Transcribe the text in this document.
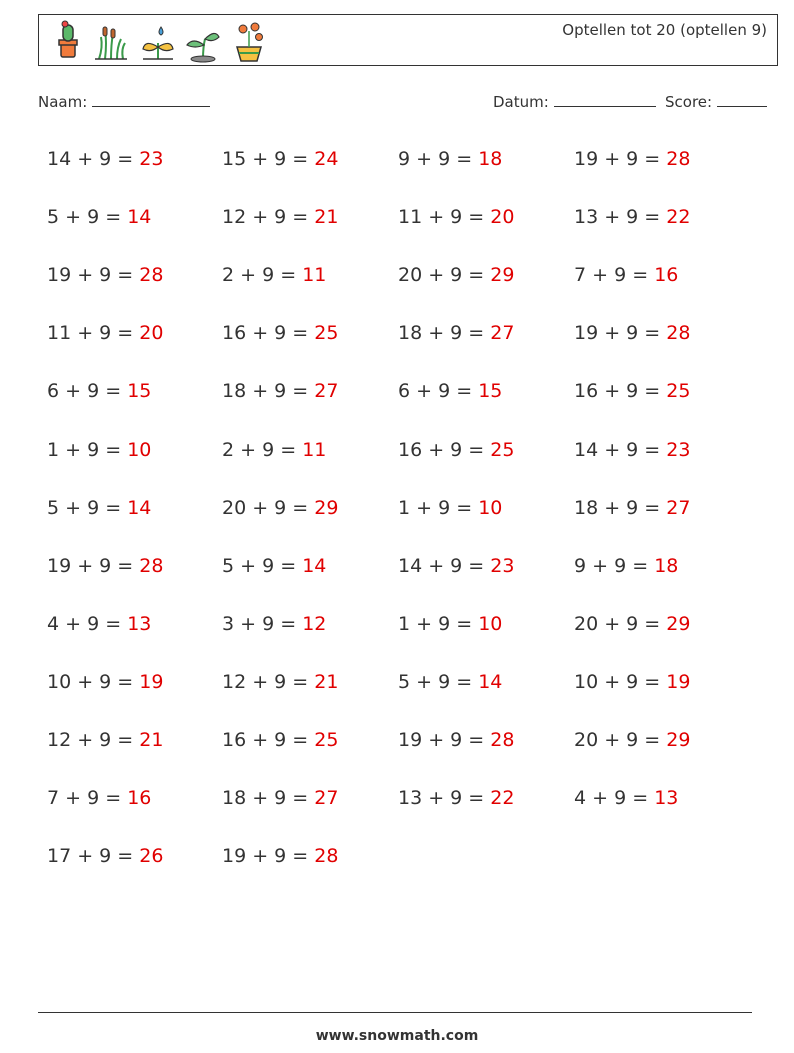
Optellen tot 20 (optellen 9)
Naam:	Datum:	Score:
14 + 9 = 23
5 + 9 = 14
19 + 9 = 28
11 + 9 = 20
6 + 9 = 15
1 + 9 = 10
5 + 9 = 14
19 + 9 = 28
4 + 9 = 13
10 + 9 = 19
12 + 9 = 21
7 + 9 = 16
17 + 9 = 26
15 + 9 = 24
12 + 9 = 21
2 + 9 = 11
16 + 9 = 25
18 + 9 = 27
2 + 9 = 11
20 + 9 = 29
5 + 9 = 14
3 + 9 = 12
12 + 9 = 21
16 + 9 = 25
18 + 9 = 27
19 + 9 = 28
9 + 9 = 18
11 + 9 = 20
20 + 9 = 29
18 + 9 = 27
6 + 9 = 15
16 + 9 = 25
1 + 9 = 10
14 + 9 = 23
1 + 9 = 10
5 + 9 = 14
19 + 9 = 28
13 + 9 = 22
19 + 9 = 28
13 + 9 = 22
7 + 9 = 16
19 + 9 = 28
16 + 9 = 25
14 + 9 = 23
18 + 9 = 27
9 + 9 = 18
20 + 9 = 29
10 + 9 = 19
20 + 9 = 29
4 + 9 = 13
www.snowmath.com
